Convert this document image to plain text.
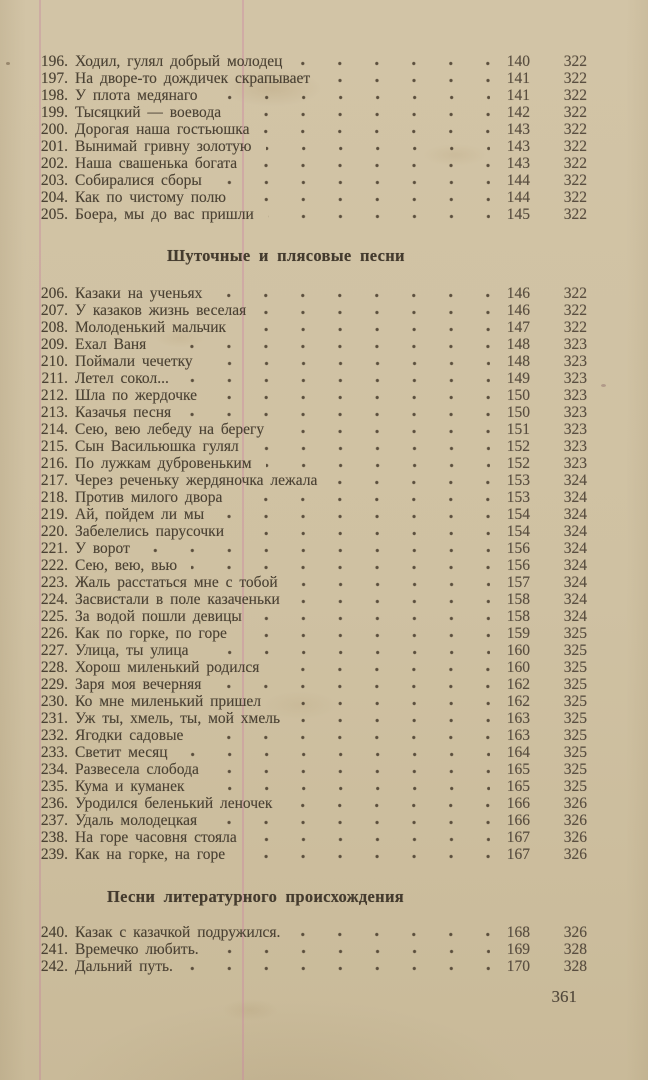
196. Ходил, гулял добрый молодец	140	322
197. На дворе-то дождичек скрапывает	141	322
198. У плота медянаго	141	322
199. Тысяцкий — воевода	142	322
200. Дорогая наша гостьюшка	143	322
201. Вынимай гривну золотую	143	322
202. Наша свашенька богата	143	322
203. Собиралися сборы	144	322
204. Как по чистому полю	144	322
205. Боера, мы до вас пришли	145	322
Шуточные и плясовые песни
206. Казаки на ученьях	146	322
207. У казаков жизнь веселая	146	322
208. Молоденький мальчик	147	322
209. Ехал Ваня	148	323
210. Поймали чечетку	148	323
211. Летел сокол...	149	323
212. Шла по жердочке	150	323
213. Казачья песня	150	323
214. Сею, вею лебеду на берегу	151	323
215. Сын Васильюшка гулял	152	323
216. По лужкам дубровеньким	152	323
217. Через реченьку жердяночка лежала	153	324
218. Против милого двора	153	324
219. Ай, пойдем ли мы	154	324
220. Забелелись парусочки	154	324
221. У ворот	156	324
222. Сею, вею, вью	156	324
223. Жаль расстаться мне с тобой	157	324
224. Засвистали в поле казаченьки	158	324
225. За водой пошли девицы	158	324
226. Как по горке, по горе	159	325
227. Улица, ты улица	160	325
228. Хорош миленький родился	160	325
229. Заря моя вечерняя	162	325
230. Ко мне миленький пришел	162	325
231. Уж ты, хмель, ты, мой хмель	163	325
232. Ягодки садовые	163	325
233. Светит месяц	164	325
234. Развесела слобода	165	325
235. Кума и куманек	165	325
236. Уродился беленький леночек	166	326
237. Удаль молодецкая	166	326
238. На горе часовня стояла	167	326
239. Как на горке, на горе	167	326
Песни литературного происхождения
240. Казак с казачкой подружился.	168	326
241. Времечко любить.	169	328
242. Дальний путь.	170	328
361
